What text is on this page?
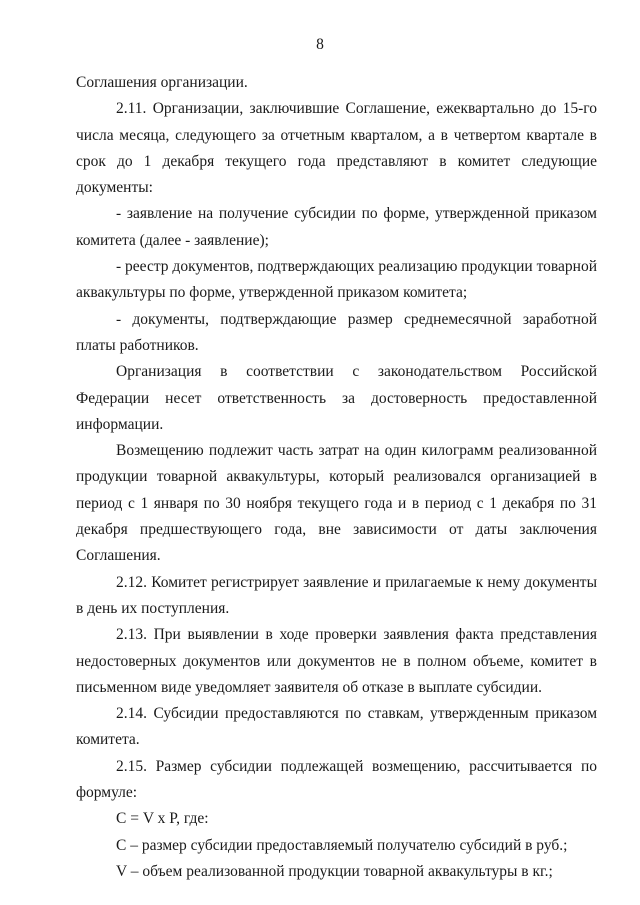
8

Соглашения организации.

2.11. Организации, заключившие Соглашение, ежеквартально до 15-го числа месяца, следующего за отчетным кварталом, а в четвертом квартале в срок до 1 декабря текущего года представляют в комитет следующие документы:

- заявление на получение субсидии по форме, утвержденной приказом комитета (далее - заявление);

- реестр документов, подтверждающих реализацию продукции товарной аквакультуры по форме, утвержденной приказом комитета;

- документы, подтверждающие размер среднемесячной заработной платы работников.

Организация в соответствии с законодательством Российской Федерации несет ответственность за достоверность предоставленной информации.

Возмещению подлежит часть затрат на один килограмм реализованной продукции товарной аквакультуры, который реализовался организацией в период с 1 января по 30 ноября текущего года и в период с 1 декабря по 31 декабря предшествующего года, вне зависимости от даты заключения Соглашения.

2.12. Комитет регистрирует заявление и прилагаемые к нему документы в день их поступления.

2.13. При выявлении в ходе проверки заявления факта представления недостоверных документов или документов не в полном объеме, комитет в письменном виде уведомляет заявителя об отказе в выплате субсидии.

2.14. Субсидии предоставляются по ставкам, утвержденным приказом комитета.

2.15. Размер субсидии подлежащей возмещению, рассчитывается по формуле:

С = V x P, где:

С – размер субсидии предоставляемый получателю субсидий в руб.;

V – объем реализованной продукции товарной аквакультуры в кг.;
